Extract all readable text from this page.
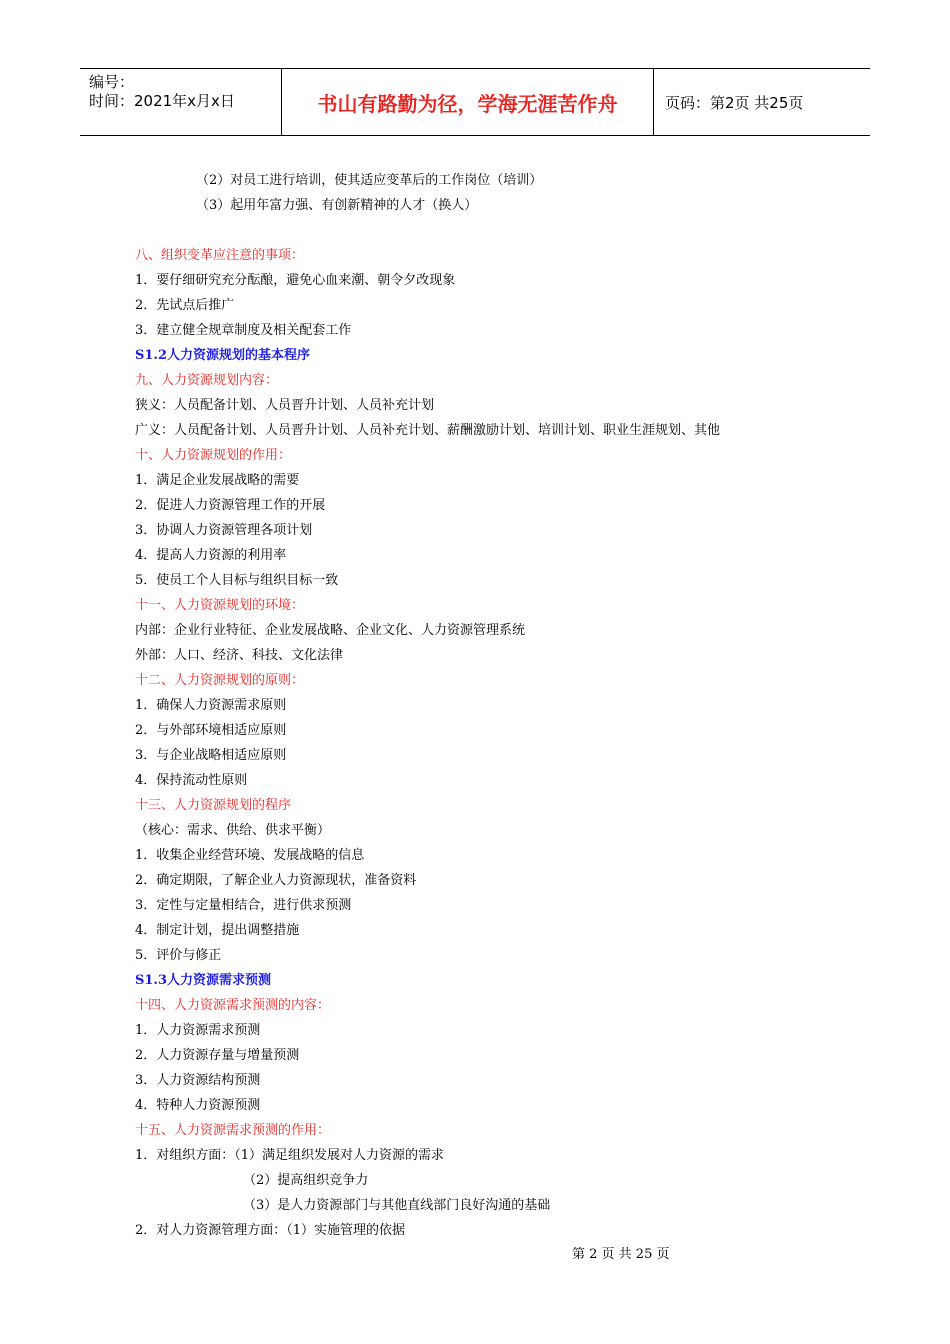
编号：
时间：2021年x月x日	书山有路勤为径，学海无涯苦作舟	页码：第2页 共25页
（2）对员工进行培训，使其适应变革后的工作岗位（培训）
（3）起用年富力强、有创新精神的人才（换人）
八、组织变革应注意的事项：
1．要仔细研究充分酝酿，避免心血来潮、朝令夕改现象
2．先试点后推广
3．建立健全规章制度及相关配套工作
S1.2人力资源规划的基本程序
九、人力资源规划内容：
狭义：人员配备计划、人员晋升计划、人员补充计划
广义：人员配备计划、人员晋升计划、人员补充计划、薪酬激励计划、培训计划、职业生涯规划、其他
十、人力资源规划的作用：
1．满足企业发展战略的需要
2．促进人力资源管理工作的开展
3．协调人力资源管理各项计划
4．提高人力资源的利用率
5．使员工个人目标与组织目标一致
十一、人力资源规划的环境：
内部：企业行业特征、企业发展战略、企业文化、人力资源管理系统
外部：人口、经济、科技、文化法律
十二、人力资源规划的原则：
1．确保人力资源需求原则
2．与外部环境相适应原则
3．与企业战略相适应原则
4．保持流动性原则
十三、人力资源规划的程序
（核心：需求、供给、供求平衡）
1．收集企业经营环境、发展战略的信息
2．确定期限，了解企业人力资源现状，准备资料
3．定性与定量相结合，进行供求预测
4．制定计划，提出调整措施
5．评价与修正
S1.3人力资源需求预测
十四、人力资源需求预测的内容：
1．人力资源需求预测
2．人力资源存量与增量预测
3．人力资源结构预测
4．特种人力资源预测
十五、人力资源需求预测的作用：
1．对组织方面：（1）满足组织发展对人力资源的需求
（2）提高组织竞争力
（3）是人力资源部门与其他直线部门良好沟通的基础
2．对人力资源管理方面：（1）实施管理的依据
第 2 页 共 25 页
